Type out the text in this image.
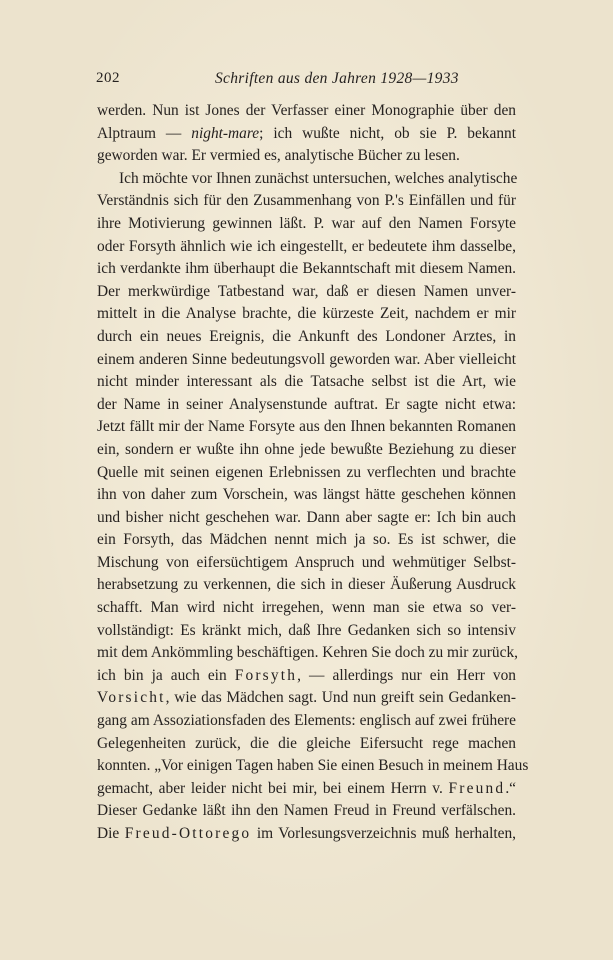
202	Schriften aus den Jahren 1928—1933
werden. Nun ist Jones der Verfasser einer Monographie über den
Alptraum — night-mare; ich wußte nicht, ob sie P. bekannt
geworden war. Er vermied es, analytische Bücher zu lesen.
Ich möchte vor Ihnen zunächst untersuchen, welches analytische
Verständnis sich für den Zusammenhang von P.'s Einfällen und für
ihre Motivierung gewinnen läßt. P. war auf den Namen Forsyte
oder Forsyth ähnlich wie ich eingestellt, er bedeutete ihm dasselbe,
ich verdankte ihm überhaupt die Bekanntschaft mit diesem Namen.
Der merkwürdige Tatbestand war, daß er diesen Namen unver-
mittelt in die Analyse brachte, die kürzeste Zeit, nachdem er mir
durch ein neues Ereignis, die Ankunft des Londoner Arztes, in
einem anderen Sinne bedeutungsvoll geworden war. Aber vielleicht
nicht minder interessant als die Tatsache selbst ist die Art, wie
der Name in seiner Analysenstunde auftrat. Er sagte nicht etwa:
Jetzt fällt mir der Name Forsyte aus den Ihnen bekannten Romanen
ein, sondern er wußte ihn ohne jede bewußte Beziehung zu dieser
Quelle mit seinen eigenen Erlebnissen zu verflechten und brachte
ihn von daher zum Vorschein, was längst hätte geschehen können
und bisher nicht geschehen war. Dann aber sagte er: Ich bin auch
ein Forsyth, das Mädchen nennt mich ja so. Es ist schwer, die
Mischung von eifersüchtigem Anspruch und wehmütiger Selbst-
herabsetzung zu verkennen, die sich in dieser Äußerung Ausdruck
schafft. Man wird nicht irregehen, wenn man sie etwa so ver-
vollständigt: Es kränkt mich, daß Ihre Gedanken sich so intensiv
mit dem Ankömmling beschäftigen. Kehren Sie doch zu mir zurück,
ich bin ja auch ein Forsyth, — allerdings nur ein Herr von
Vorsicht, wie das Mädchen sagt. Und nun greift sein Gedanken-
gang am Assoziationsfaden des Elements: englisch auf zwei frühere
Gelegenheiten zurück, die die gleiche Eifersucht rege machen
konnten. „Vor einigen Tagen haben Sie einen Besuch in meinem Haus
gemacht, aber leider nicht bei mir, bei einem Herrn v. Freund.“
Dieser Gedanke läßt ihn den Namen Freud in Freund verfälschen.
Die Freud-Ottorego im Vorlesungsverzeichnis muß herhalten,
